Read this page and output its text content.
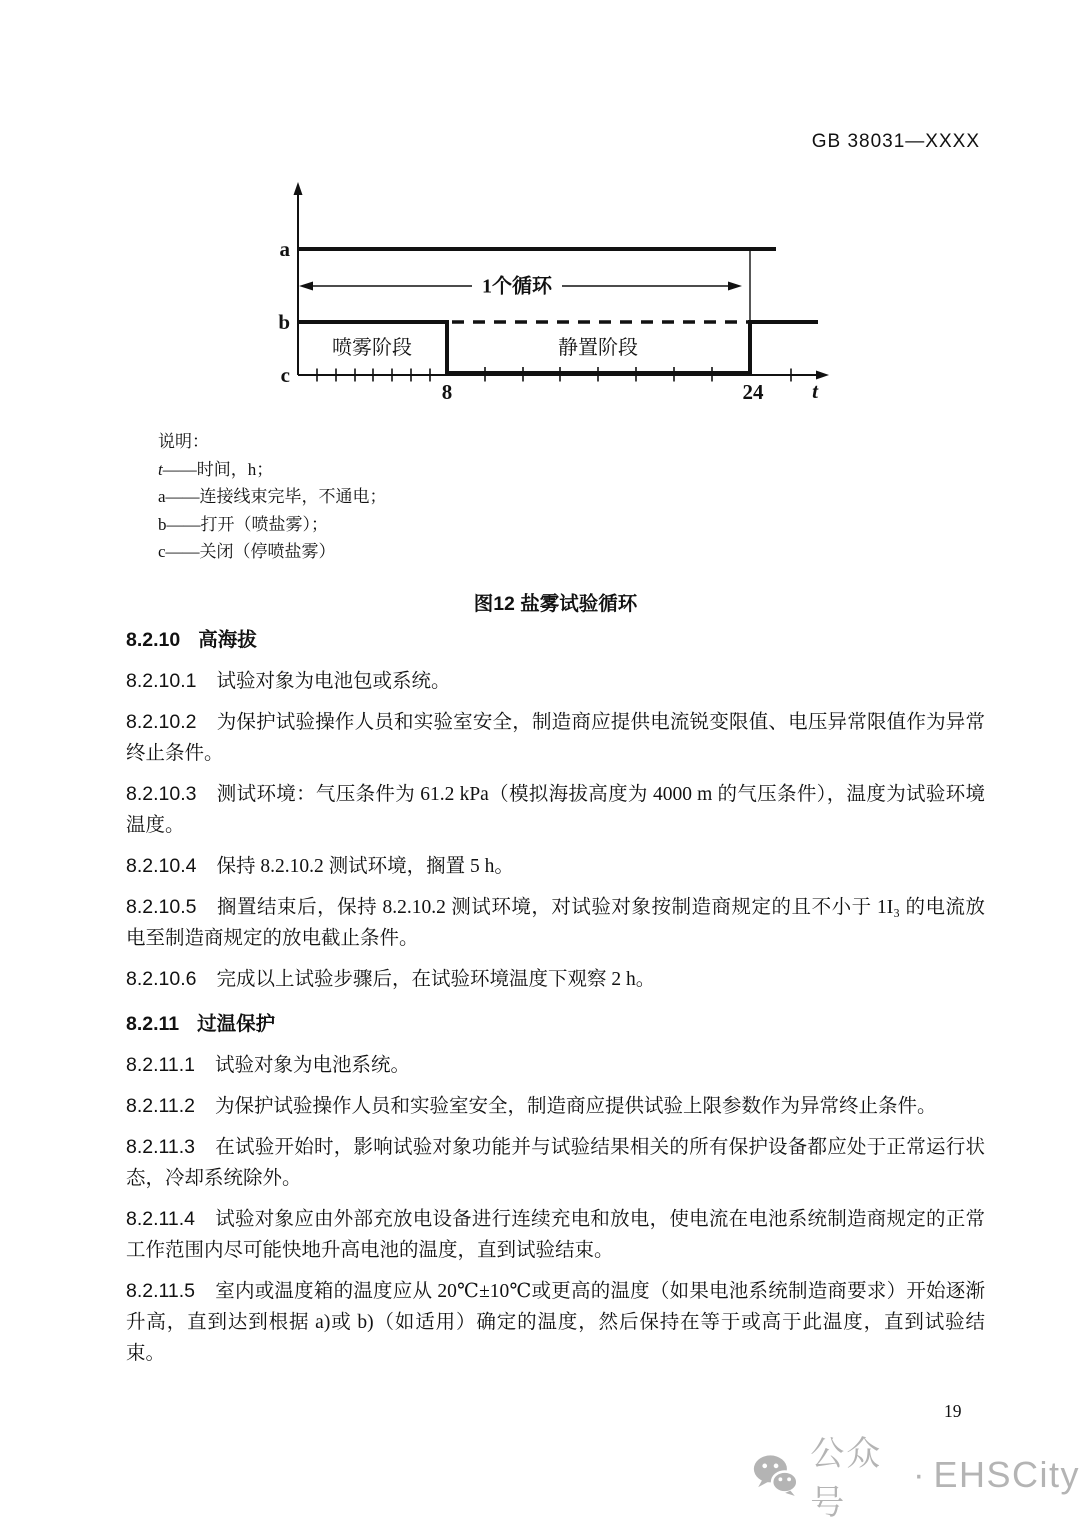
GB 38031—XXXX
1个循环
a
b
c
8	24 t
喷雾阶段	静置阶段
说明：
t——时间，h；
a——连接线束完毕，不通电；
b——打开（喷盐雾）；
c——关闭（停喷盐雾）
图12 盐雾试验循环

8.2.10 高海拔

8.2.10.1 试验对象为电池包或系统。

8.2.10.2 为保护试验操作人员和实验室安全，制造商应提供电流锐变限值、电压异常限值作为异常终止条件。

8.2.10.3 测试环境：气压条件为 61.2 kPa（模拟海拔高度为 4000 m 的气压条件），温度为试验环境温度。

8.2.10.4 保持 8.2.10.2 测试环境，搁置 5 h。

8.2.10.5 搁置结束后，保持 8.2.10.2 测试环境，对试验对象按制造商规定的且不小于 1I₃ 的电流放电至制造商规定的放电截止条件。

8.2.10.6 完成以上试验步骤后，在试验环境温度下观察 2 h。

8.2.11 过温保护

8.2.11.1 试验对象为电池系统。

8.2.11.2 为保护试验操作人员和实验室安全，制造商应提供试验上限参数作为异常终止条件。

8.2.11.3 在试验开始时，影响试验对象功能并与试验结果相关的所有保护设备都应处于正常运行状态，冷却系统除外。

8.2.11.4 试验对象应由外部充放电设备进行连续充电和放电，使电流在电池系统制造商规定的正常工作范围内尽可能快地升高电池的温度，直到试验结束。

8.2.11.5 室内或温度箱的温度应从 20℃±10℃或更高的温度（如果电池系统制造商要求）开始逐渐升高，直到达到根据 a)或 b)（如适用）确定的温度，然后保持在等于或高于此温度，直到试验结束。

19
公众号
· EHSCity
